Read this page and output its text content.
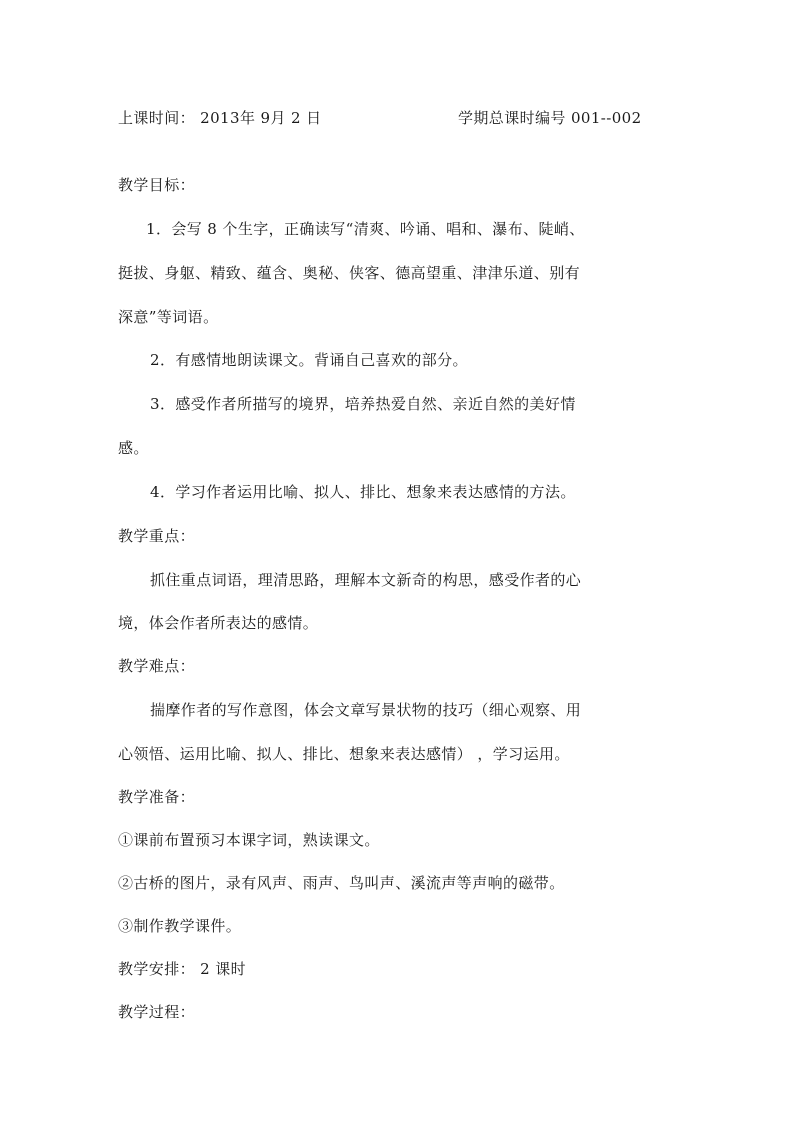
上课时间： 2013年 9月 2 日	学期总课时编号 001--002
教学目标：
1．会写 8 个生字，正确读写“清爽、吟诵、唱和、瀑布、陡峭、
挺拔、身躯、精致、蕴含、奥秘、侠客、德高望重、津津乐道、别有
深意”等词语。
2．有感情地朗读课文。背诵自己喜欢的部分。
3．感受作者所描写的境界，培养热爱自然、亲近自然的美好情
感。
4．学习作者运用比喻、拟人、排比、想象来表达感情的方法。
教学重点：
抓住重点词语，理清思路，理解本文新奇的构思，感受作者的心
境，体会作者所表达的感情。
教学难点：
揣摩作者的写作意图，体会文章写景状物的技巧（细心观察、用
心领悟、运用比喻、拟人、排比、想象来表达感情） ，学习运用。
教学准备：
①课前布置预习本课字词，熟读课文。
②古桥的图片，录有风声、雨声、鸟叫声、溪流声等声响的磁带。
③制作教学课件。
教学安排： 2 课时
教学过程：
